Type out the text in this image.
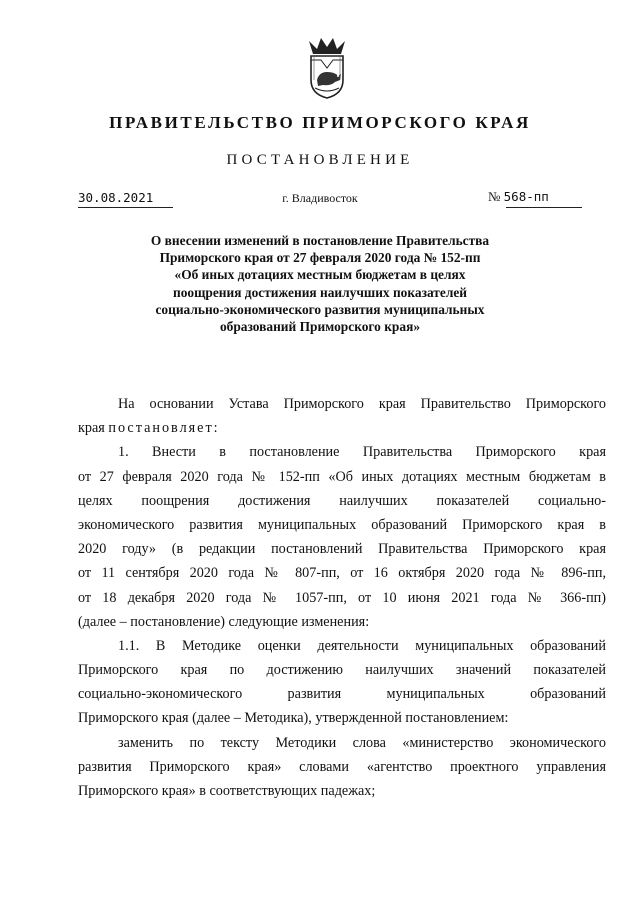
ПРАВИТЕЛЬСТВО ПРИМОРСКОГО КРАЯ
ПОСТАНОВЛЕНИЕ
30.08.2021	г. Владивосток	№ 568-пп
О внесении изменений в постановление Правительства Приморского края от 27 февраля 2020 года № 152-пп «Об иных дотациях местным бюджетам в целях поощрения достижения наилучших показателей социально-экономического развития муниципальных образований Приморского края»
На основании Устава Приморского края Правительство Приморского
края постановляет:
1. Внести в постановление Правительства Приморского края
от 27 февраля 2020 года № 152-пп «Об иных дотациях местным бюджетам в
целях поощрения достижения наилучших показателей социально-
экономического развития муниципальных образований Приморского края в
2020 году» (в редакции постановлений Правительства Приморского края
от 11 сентября 2020 года № 807-пп, от 16 октября 2020 года № 896-пп,
от 18 декабря 2020 года № 1057-пп, от 10 июня 2021 года № 366-пп)
(далее – постановление) следующие изменения:
1.1. В Методике оценки деятельности муниципальных образований
Приморского края по достижению наилучших значений показателей
социально-экономического развития муниципальных образований
Приморского края (далее – Методика), утвержденной постановлением:
заменить по тексту Методики слова «министерство экономического
развития Приморского края» словами «агентство проектного управления
Приморского края» в соответствующих падежах;
